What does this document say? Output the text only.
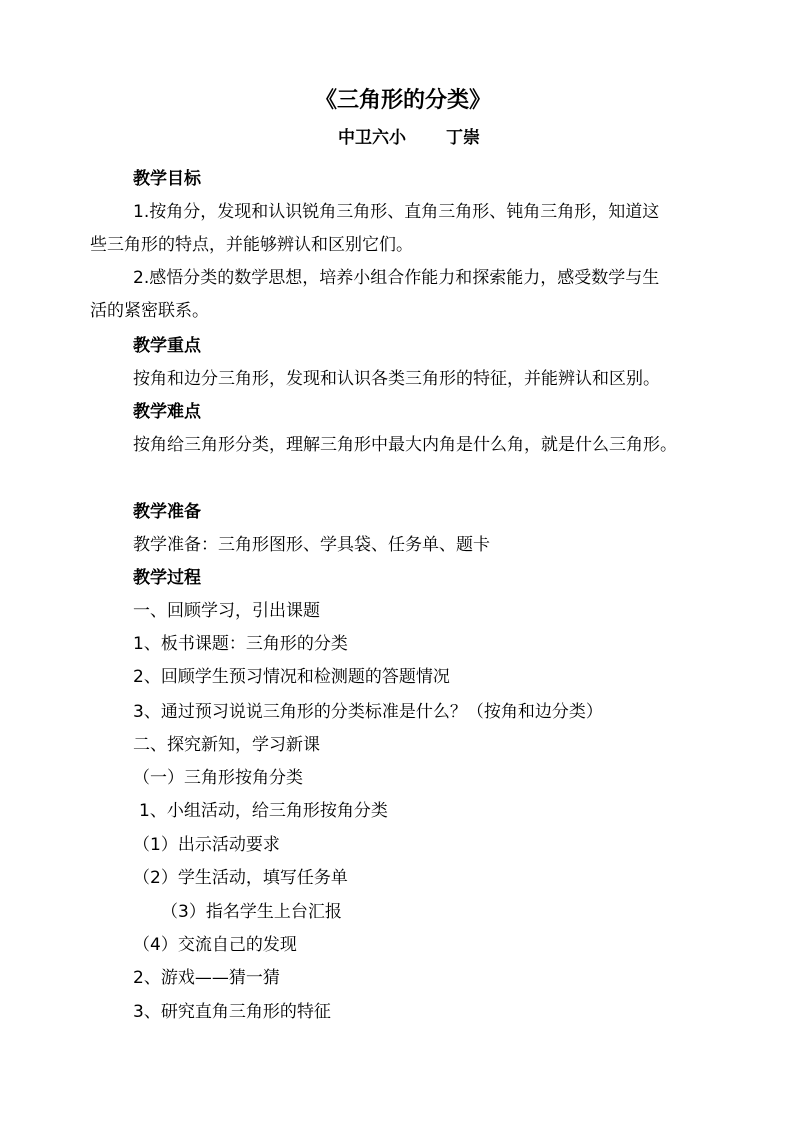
《三角形的分类》
中卫六小 丁崇
教学目标
1.按角分，发现和认识锐角三角形、直角三角形、钝角三角形，知道这
些三角形的特点，并能够辨认和区别它们。
2.感悟分类的数学思想，培养小组合作能力和探索能力，感受数学与生
活的紧密联系。
教学重点
按角和边分三角形，发现和认识各类三角形的特征，并能辨认和区别。
教学难点
按角给三角形分类，理解三角形中最大内角是什么角，就是什么三角形。
教学准备
教学准备：三角形图形、学具袋、任务单、题卡
教学过程
一、回顾学习，引出课题
1、板书课题：三角形的分类
2、回顾学生预习情况和检测题的答题情况
3、通过预习说说三角形的分类标准是什么？（按角和边分类）
二、探究新知，学习新课
（一）三角形按角分类
1、小组活动，给三角形按角分类
（1）出示活动要求
（2）学生活动，填写任务单
（3）指名学生上台汇报
（4）交流自己的发现
2、游戏——猜一猜
3、研究直角三角形的特征
